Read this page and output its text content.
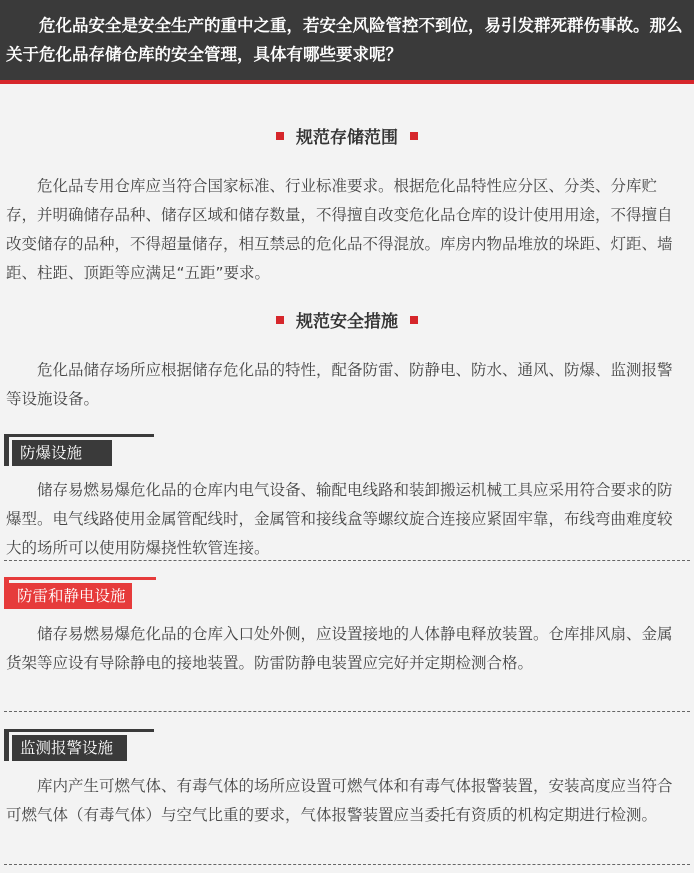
危化品安全是安全生产的重中之重，若安全风险管控不到位，易引发群死群伤事故。那么关于危化品存储仓库的安全管理，具体有哪些要求呢？

规范存储范围

危化品专用仓库应当符合国家标准、行业标准要求。根据危化品特性应分区、分类、分库贮存，并明确储存品种、储存区域和储存数量，不得擅自改变危化品仓库的设计使用用途，不得擅自改变储存的品种，不得超量储存，相互禁忌的危化品不得混放。库房内物品堆放的垛距、灯距、墙距、柱距、顶距等应满足“五距”要求。

规范安全措施

危化品储存场所应根据储存危化品的特性，配备防雷、防静电、防水、通风、防爆、监测报警等设施设备。

防爆设施

储存易燃易爆危化品的仓库内电气设备、输配电线路和装卸搬运机械工具应采用符合要求的防爆型。电气线路使用金属管配线时，金属管和接线盒等螺纹旋合连接应紧固牢靠，布线弯曲难度较大的场所可以使用防爆挠性软管连接。

防雷和静电设施

储存易燃易爆危化品的仓库入口处外侧，应设置接地的人体静电释放装置。仓库排风扇、金属货架等应设有导除静电的接地装置。防雷防静电装置应完好并定期检测合格。

监测报警设施

库内产生可燃气体、有毒气体的场所应设置可燃气体和有毒气体报警装置，安装高度应当符合可燃气体（有毒气体）与空气比重的要求，气体报警装置应当委托有资质的机构定期进行检测。
